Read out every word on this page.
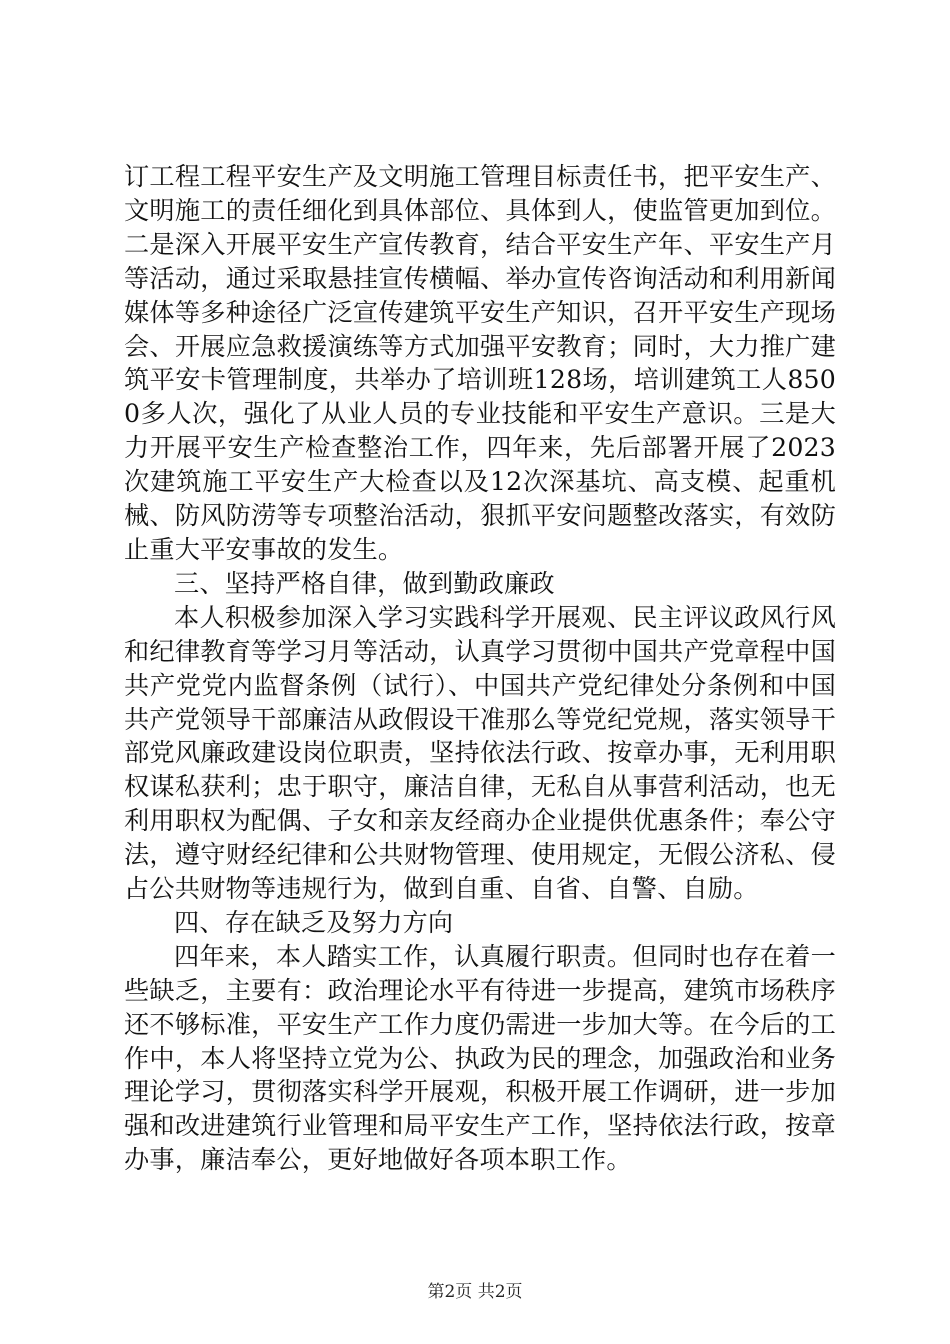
订工程工程平安生产及文明施工管理目标责任书，把平安生产、文明施工的责任细化到具体部位、具体到人，使监管更加到位。二是深入开展平安生产宣传教育，结合平安生产年、平安生产月等活动，通过采取悬挂宣传横幅、举办宣传咨询活动和利用新闻媒体等多种途径广泛宣传建筑平安生产知识，召开平安生产现场会、开展应急救援演练等方式加强平安教育；同时，大力推广建筑平安卡管理制度，共举办了培训班128场，培训建筑工人8500多人次，强化了从业人员的专业技能和平安生产意识。三是大力开展平安生产检查整治工作，四年来，先后部署开展了2023次建筑施工平安生产大检查以及12次深基坑、高支模、起重机械、防风防涝等专项整治活动，狠抓平安问题整改落实，有效防止重大平安事故的发生。

三、坚持严格自律，做到勤政廉政

本人积极参加深入学习实践科学开展观、民主评议政风行风和纪律教育等学习月等活动，认真学习贯彻中国共产党章程中国共产党党内监督条例（试行）、中国共产党纪律处分条例和中国共产党领导干部廉洁从政假设干准那么等党纪党规，落实领导干部党风廉政建设岗位职责，坚持依法行政、按章办事，无利用职权谋私获利；忠于职守，廉洁自律，无私自从事营利活动，也无利用职权为配偶、子女和亲友经商办企业提供优惠条件；奉公守法，遵守财经纪律和公共财物管理、使用规定，无假公济私、侵占公共财物等违规行为，做到自重、自省、自警、自励。

四、存在缺乏及努力方向

四年来，本人踏实工作，认真履行职责。但同时也存在着一些缺乏，主要有：政治理论水平有待进一步提高，建筑市场秩序还不够标准，平安生产工作力度仍需进一步加大等。在今后的工作中，本人将坚持立党为公、执政为民的理念，加强政治和业务理论学习，贯彻落实科学开展观，积极开展工作调研，进一步加强和改进建筑行业管理和局平安生产工作，坚持依法行政，按章办事，廉洁奉公，更好地做好各项本职工作。

第2页 共2页
